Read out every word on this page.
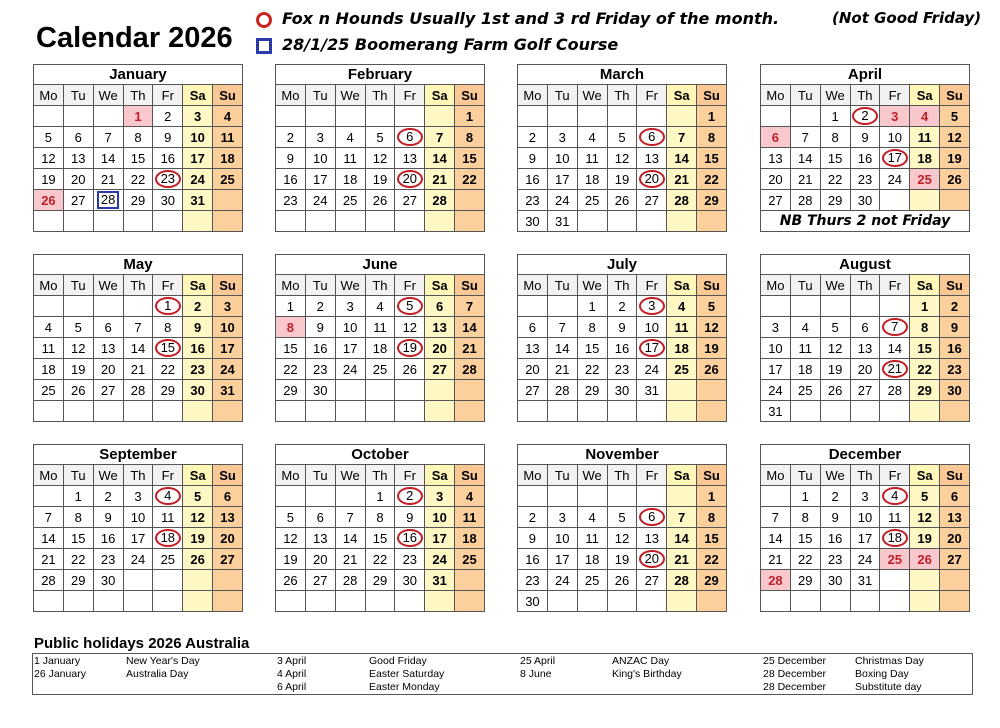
Calendar 2026
Fox n Hounds Usually 1st and 3 rd Friday of the month.
28/1/25 Boomerang Farm Golf Course
(Not Good Friday)
January						
Mo	Tu	We	Th	Fr	Sa	Su
			1	2	3	4
5	6	7	8	9	10	11
12	13	14	15	16	17	18
19	20	21	22	23	24	25
26	27	28	29	30	31	

February						
Mo	Tu	We	Th	Fr	Sa	Su
						1
2	3	4	5	6	7	8
9	10	11	12	13	14	15
16	17	18	19	20	21	22
23	24	25	26	27	28	

March						
Mo	Tu	We	Th	Fr	Sa	Su
						1
2	3	4	5	6	7	8
9	10	11	12	13	14	15
16	17	18	19	20	21	22
23	24	25	26	27	28	29
30	31					
April						
Mo	Tu	We	Th	Fr	Sa	Su
		1	2	3	4	5
6	7	8	9	10	11	12
13	14	15	16	17	18	19
20	21	22	23	24	25	26
27	28	29	30			
NB Thurs 2 not Friday						
May						
Mo	Tu	We	Th	Fr	Sa	Su
				1	2	3
4	5	6	7	8	9	10
11	12	13	14	15	16	17
18	19	20	21	22	23	24
25	26	27	28	29	30	31

June						
Mo	Tu	We	Th	Fr	Sa	Su
1	2	3	4	5	6	7
8	9	10	11	12	13	14
15	16	17	18	19	20	21
22	23	24	25	26	27	28
29	30					

July						
Mo	Tu	We	Th	Fr	Sa	Su
		1	2	3	4	5
6	7	8	9	10	11	12
13	14	15	16	17	18	19
20	21	22	23	24	25	26
27	28	29	30	31		

August						
Mo	Tu	We	Th	Fr	Sa	Su
					1	2
3	4	5	6	7	8	9
10	11	12	13	14	15	16
17	18	19	20	21	22	23
24	25	26	27	28	29	30
31						
September						
Mo	Tu	We	Th	Fr	Sa	Su
	1	2	3	4	5	6
7	8	9	10	11	12	13
14	15	16	17	18	19	20
21	22	23	24	25	26	27
28	29	30				

October						
Mo	Tu	We	Th	Fr	Sa	Su
			1	2	3	4
5	6	7	8	9	10	11
12	13	14	15	16	17	18
19	20	21	22	23	24	25
26	27	28	29	30	31	

November						
Mo	Tu	We	Th	Fr	Sa	Su
						1
2	3	4	5	6	7	8
9	10	11	12	13	14	15
16	17	18	19	20	21	22
23	24	25	26	27	28	29
30						
December						
Mo	Tu	We	Th	Fr	Sa	Su
	1	2	3	4	5	6
7	8	9	10	11	12	13
14	15	16	17	18	19	20
21	22	23	24	25	26	27
28	29	30	31			

Public holidays 2026 Australia
1 January	New Year's Day
26 January	Australia Day
3 April	Good Friday
4 April	Easter Saturday
6 April	Easter Monday
25 April	ANZAC Day
8 June	King's Birthday
25 December	Christmas Day
28 December	Boxing Day
28 December	Substitute day
